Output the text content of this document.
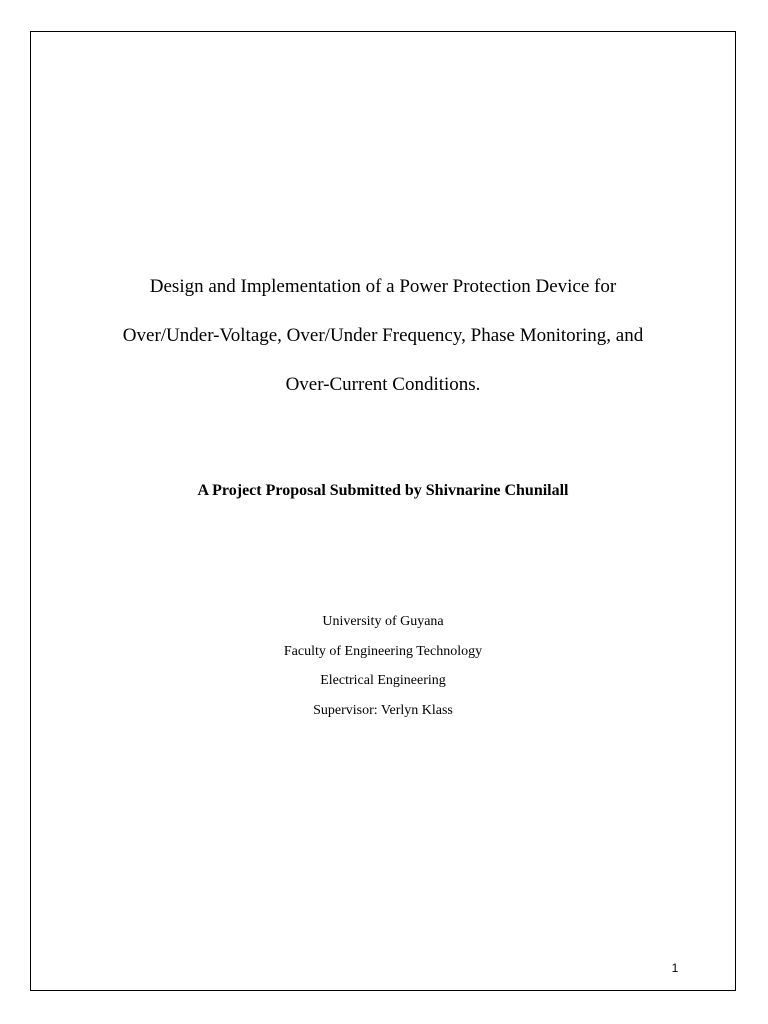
Design and Implementation of a Power Protection Device for
Over/Under-Voltage, Over/Under Frequency, Phase Monitoring, and
Over-Current Conditions.
A Project Proposal Submitted by Shivnarine Chunilall
University of Guyana
Faculty of Engineering Technology
Electrical Engineering
Supervisor: Verlyn Klass
1
